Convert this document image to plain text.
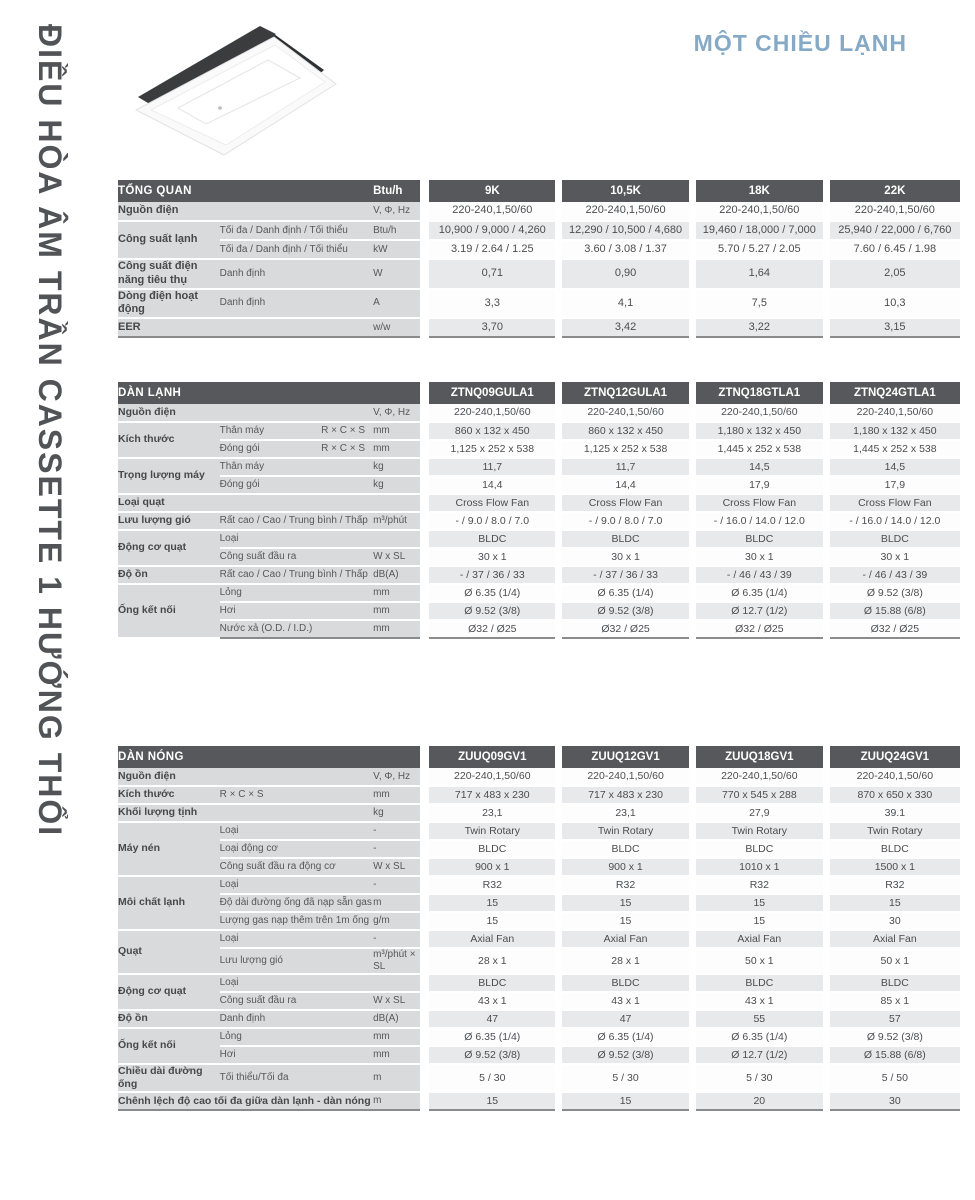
ĐIỀU HÒA ÂM TRẦN CASSETTE 1 HƯỚNG THỔI	MỘT CHIỀU LẠNH
TỔNG QUAN		Btu/h	9K	10,5K	18K	22K
Nguồn điện		V, Φ, Hz	220-240,1,50/60	220-240,1,50/60	220-240,1,50/60	220-240,1,50/60
Công suất lạnh	Tối đa / Danh định / Tối thiểu	Btu/h	10,900 / 9,000 / 4,260	12,290 / 10,500 / 4,680	19,460 / 18,000 / 7,000	25,940 / 22,000 / 6,760
	Tối đa / Danh định / Tối thiểu	kW	3.19 / 2.64 / 1.25	3.60 / 3.08 / 1.37	5.70 / 5.27 / 2.05	7.60 / 6.45 / 1.98
Công suất điện năng tiêu thụ	Danh định	W	0,71	0,90	1,64	2,05
Dòng điện hoạt động	Danh định	A	3,3	4,1	7,5	10,3
EER		w/w	3,70	3,42	3,22	3,15
DÀN LẠNH			ZTNQ09GULA1	ZTNQ12GULA1	ZTNQ18GTLA1	ZTNQ24GTLA1
Nguồn điện		V, Φ, Hz	220-240,1,50/60	220-240,1,50/60	220-240,1,50/60	220-240,1,50/60
Kích thước	Thân máy R × C × S	mm	860 x 132 x 450	860 x 132 x 450	1,180 x 132 x 450	1,180 x 132 x 450

	Đóng gói R × C × S	mm	1,125 x 252 x 538	1,125 x 252 x 538	1,445 x 252 x 538	1,445 x 252 x 538
Trọng lượng máy	Thân máy	kg	11,7	11,7	14,5	14,5
	Đóng gói	kg	14,4	14,4	17,9	17,9
Loại quạt			Cross Flow Fan	Cross Flow Fan	Cross Flow Fan	Cross Flow Fan
Lưu lượng gió	Rất cao / Cao / Trung bình / Thấp	m³/phút	- / 9.0 / 8.0 / 7.0	- / 9.0 / 8.0 / 7.0	- / 16.0 / 14.0 / 12.0	- / 16.0 / 14.0 / 12.0
Động cơ quạt	Loại		BLDC	BLDC	BLDC	BLDC
	Công suất đầu ra	W x SL	30 x 1	30 x 1	30 x 1	30 x 1
Độ ồn	Rất cao / Cao / Trung bình / Thấp	dB(A)	- / 37 / 36 / 33	- / 37 / 36 / 33	- / 46 / 43 / 39	- / 46 / 43 / 39
Ống kết nối	Lỏng	mm	Ø 6.35 (1/4)	Ø 6.35 (1/4)	Ø 6.35 (1/4)	Ø 9.52 (3/8)
	Hơi	mm	Ø 9.52 (3/8)	Ø 9.52 (3/8)	Ø 12.7 (1/2)	Ø 15.88 (6/8)
	Nước xả (O.D. / I.D.)	mm	Ø32 / Ø25	Ø32 / Ø25	Ø32 / Ø25	Ø32 / Ø25
DÀN NÓNG			ZUUQ09GV1	ZUUQ12GV1	ZUUQ18GV1	ZUUQ24GV1
Nguồn điện		V, Φ, Hz	220-240,1,50/60	220-240,1,50/60	220-240,1,50/60	220-240,1,50/60
Kích thước	R × C × S	mm	717 x 483 x 230	717 x 483 x 230	770 x 545 x 288	870 x 650 x 330
Khối lượng tịnh		kg	23,1	23,1	27,9	39.1
Máy nén	Loại	-	Twin Rotary	Twin Rotary	Twin Rotary	Twin Rotary
	Loại động cơ	-	BLDC	BLDC	BLDC	BLDC
	Công suất đầu ra động cơ	W x SL	900 x 1	900 x 1	1010 x 1	1500 x 1
Môi chất lạnh	Loại	-	R32	R32	R32	R32
	Độ dài đường ống đã nạp sẵn gas	m	15	15	15	15
	Lượng gas nạp thêm trên 1m ống	g/m	15	15	15	30
Quạt	Loại	-	Axial Fan	Axial Fan	Axial Fan	Axial Fan
	Lưu lượng gió	m³/phút × SL	28 x 1	28 x 1	50 x 1	50 x 1
Động cơ quạt	Loại		BLDC	BLDC	BLDC	BLDC
	Công suất đầu ra	W x SL	43 x 1	43 x 1	43 x 1	85 x 1
Độ ồn	Danh định	dB(A)	47	47	55	57
Ống kết nối	Lỏng	mm	Ø 6.35 (1/4)	Ø 6.35 (1/4)	Ø 6.35 (1/4)	Ø 9.52 (3/8)
	Hơi	mm	Ø 9.52 (3/8)	Ø 9.52 (3/8)	Ø 12.7 (1/2)	Ø 15.88 (6/8)
Chiều dài đường ống	Tối thiểu/Tối đa	m	5 / 30	5 / 30	5 / 30	5 / 50
Chênh lệch độ cao tối đa giữa dàn lạnh - dàn nóng		m	15	15	20	30
